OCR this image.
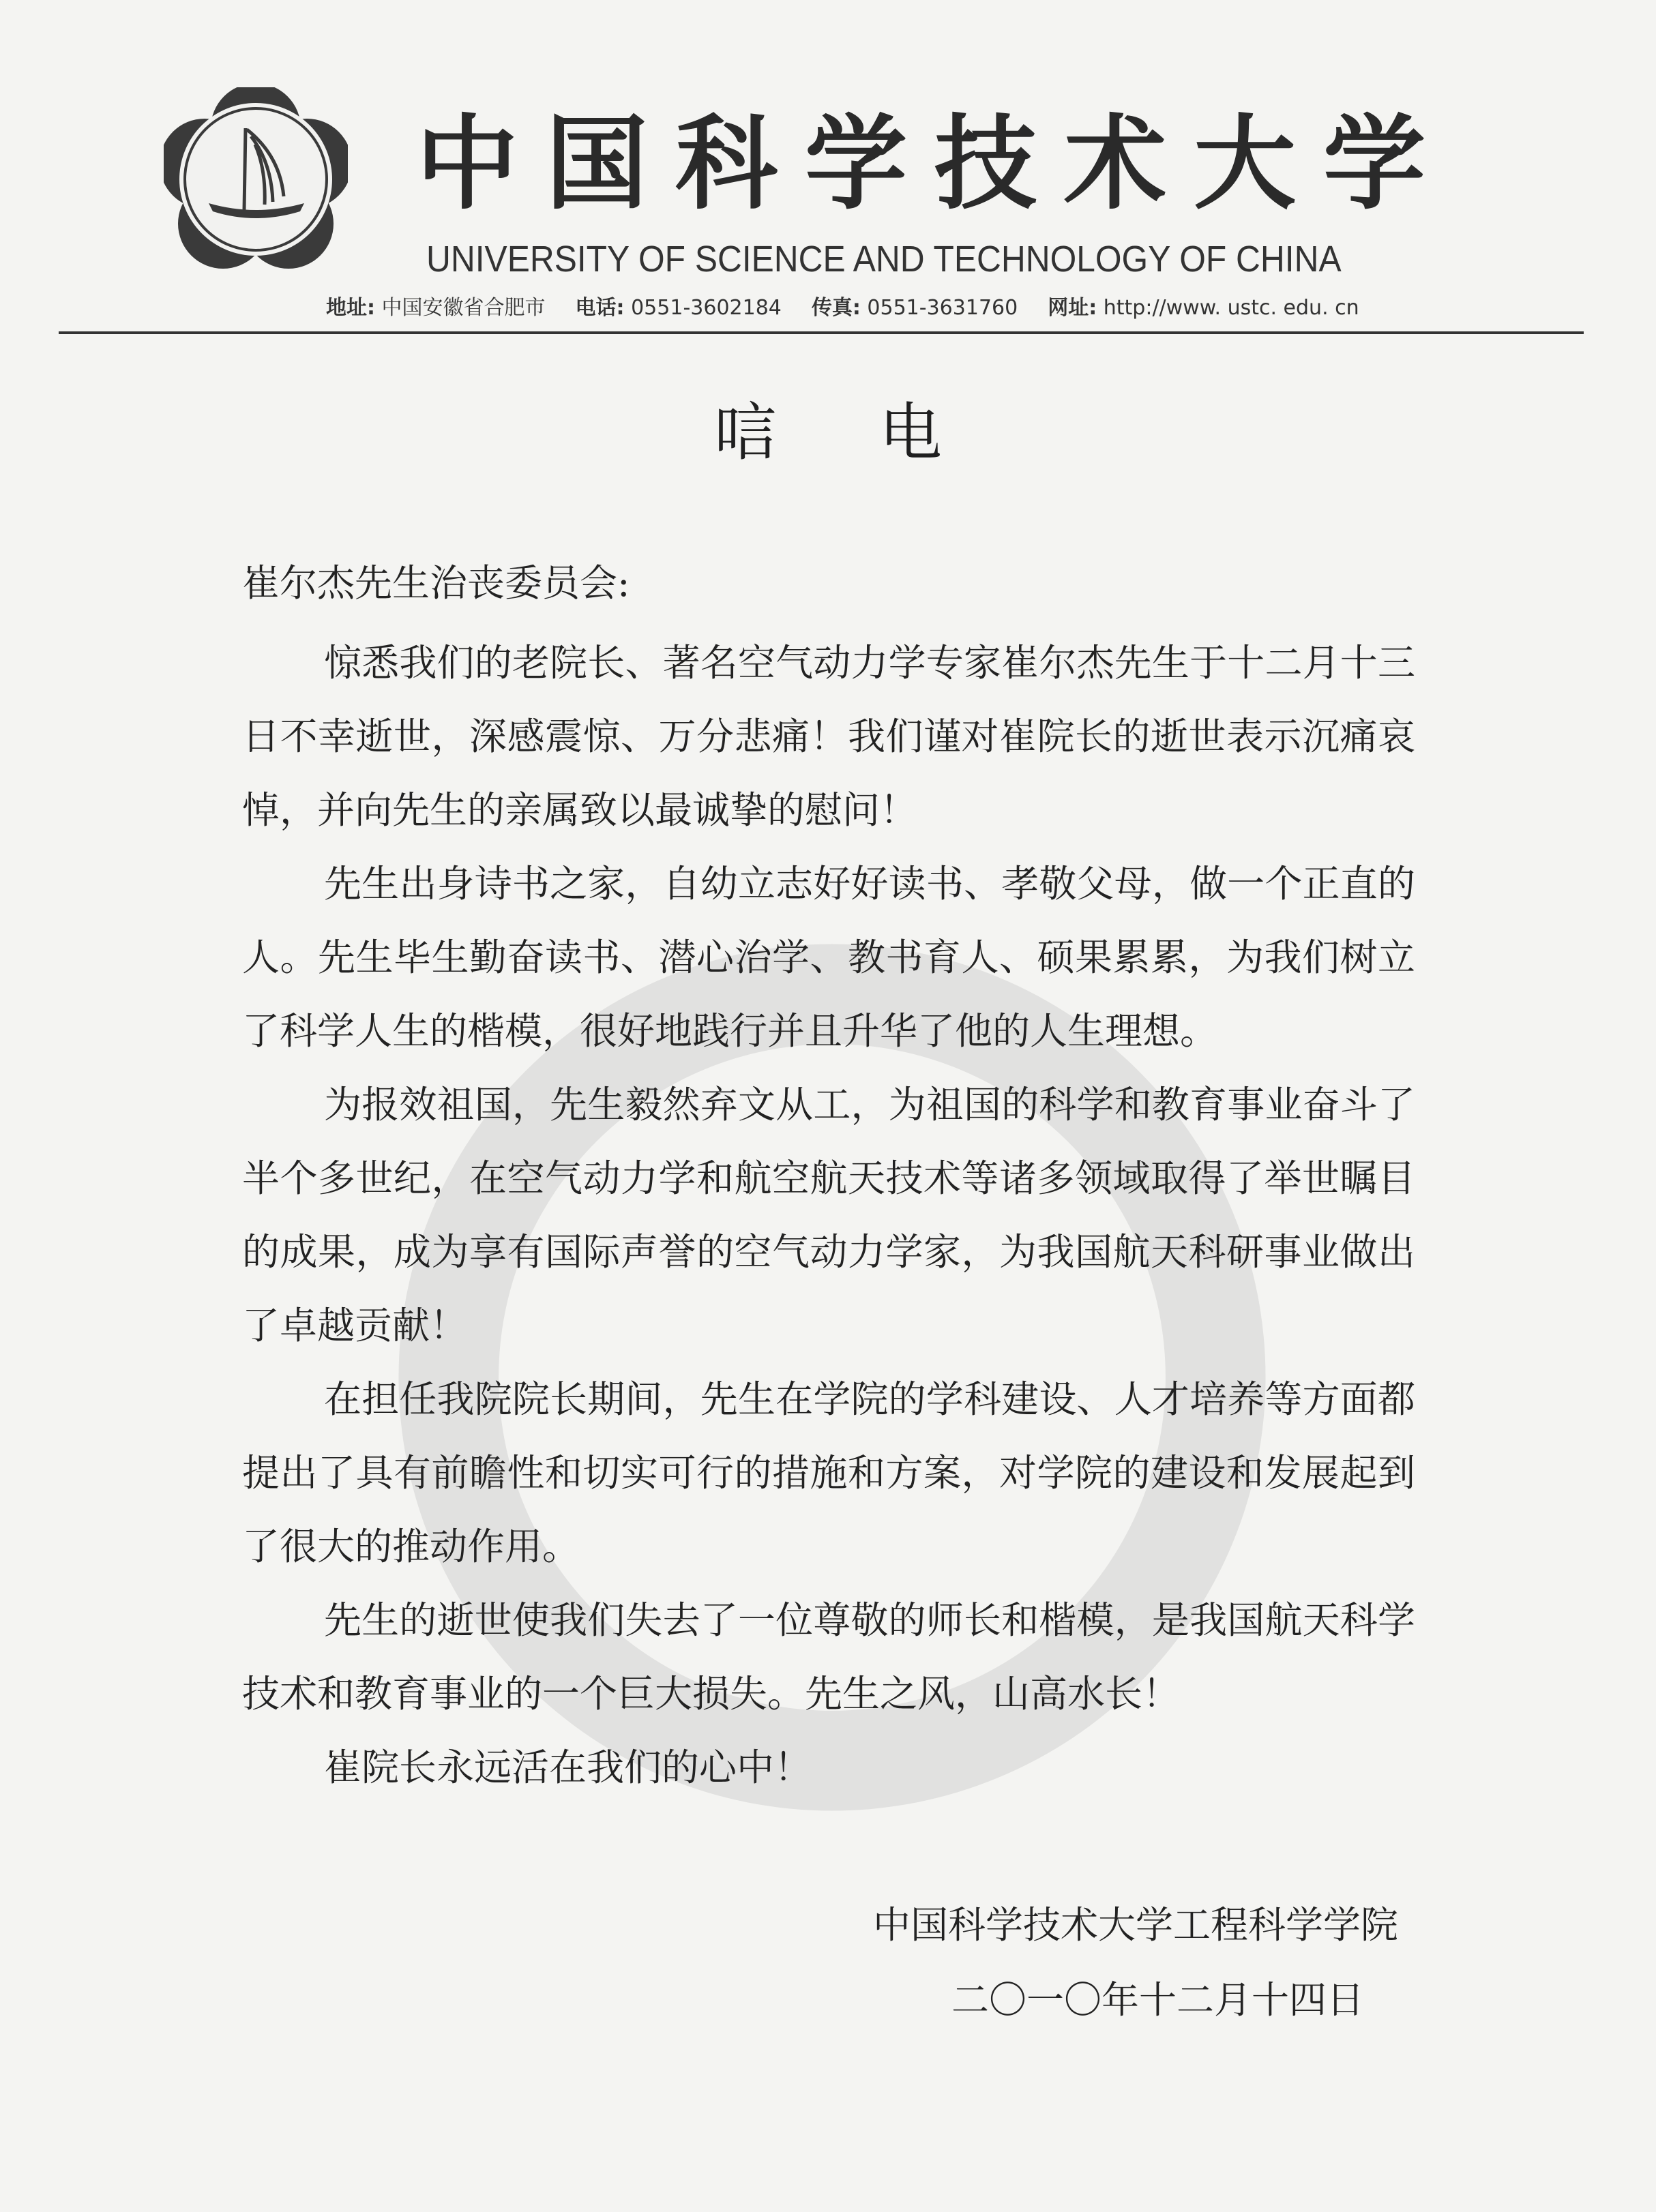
中国科学技术大学
UNIVERSITY OF SCIENCE AND TECHNOLOGY OF CHINA
地址: 中国安徽省合肥市 电话: 0551-3602184 传真: 0551-3631760 网址: http://www. ustc. edu. cn
唁电
崔尔杰先生治丧委员会:

惊悉我们的老院长、著名空气动力学专家崔尔杰先生于十二月十三日不幸逝世，深感震惊、万分悲痛！我们谨对崔院长的逝世表示沉痛哀悼，并向先生的亲属致以最诚挚的慰问！

先生出身诗书之家，自幼立志好好读书、孝敬父母，做一个正直的人。先生毕生勤奋读书、潜心治学、教书育人、硕果累累，为我们树立了科学人生的楷模，很好地践行并且升华了他的人生理想。

为报效祖国，先生毅然弃文从工，为祖国的科学和教育事业奋斗了半个多世纪，在空气动力学和航空航天技术等诸多领域取得了举世瞩目的成果，成为享有国际声誉的空气动力学家，为我国航天科研事业做出了卓越贡献！

在担任我院院长期间，先生在学院的学科建设、人才培养等方面都提出了具有前瞻性和切实可行的措施和方案，对学院的建设和发展起到了很大的推动作用。

先生的逝世使我们失去了一位尊敬的师长和楷模，是我国航天科学技术和教育事业的一个巨大损失。先生之风，山高水长！

崔院长永远活在我们的心中！

中国科学技术大学工程科学学院
二〇一〇年十二月十四日
